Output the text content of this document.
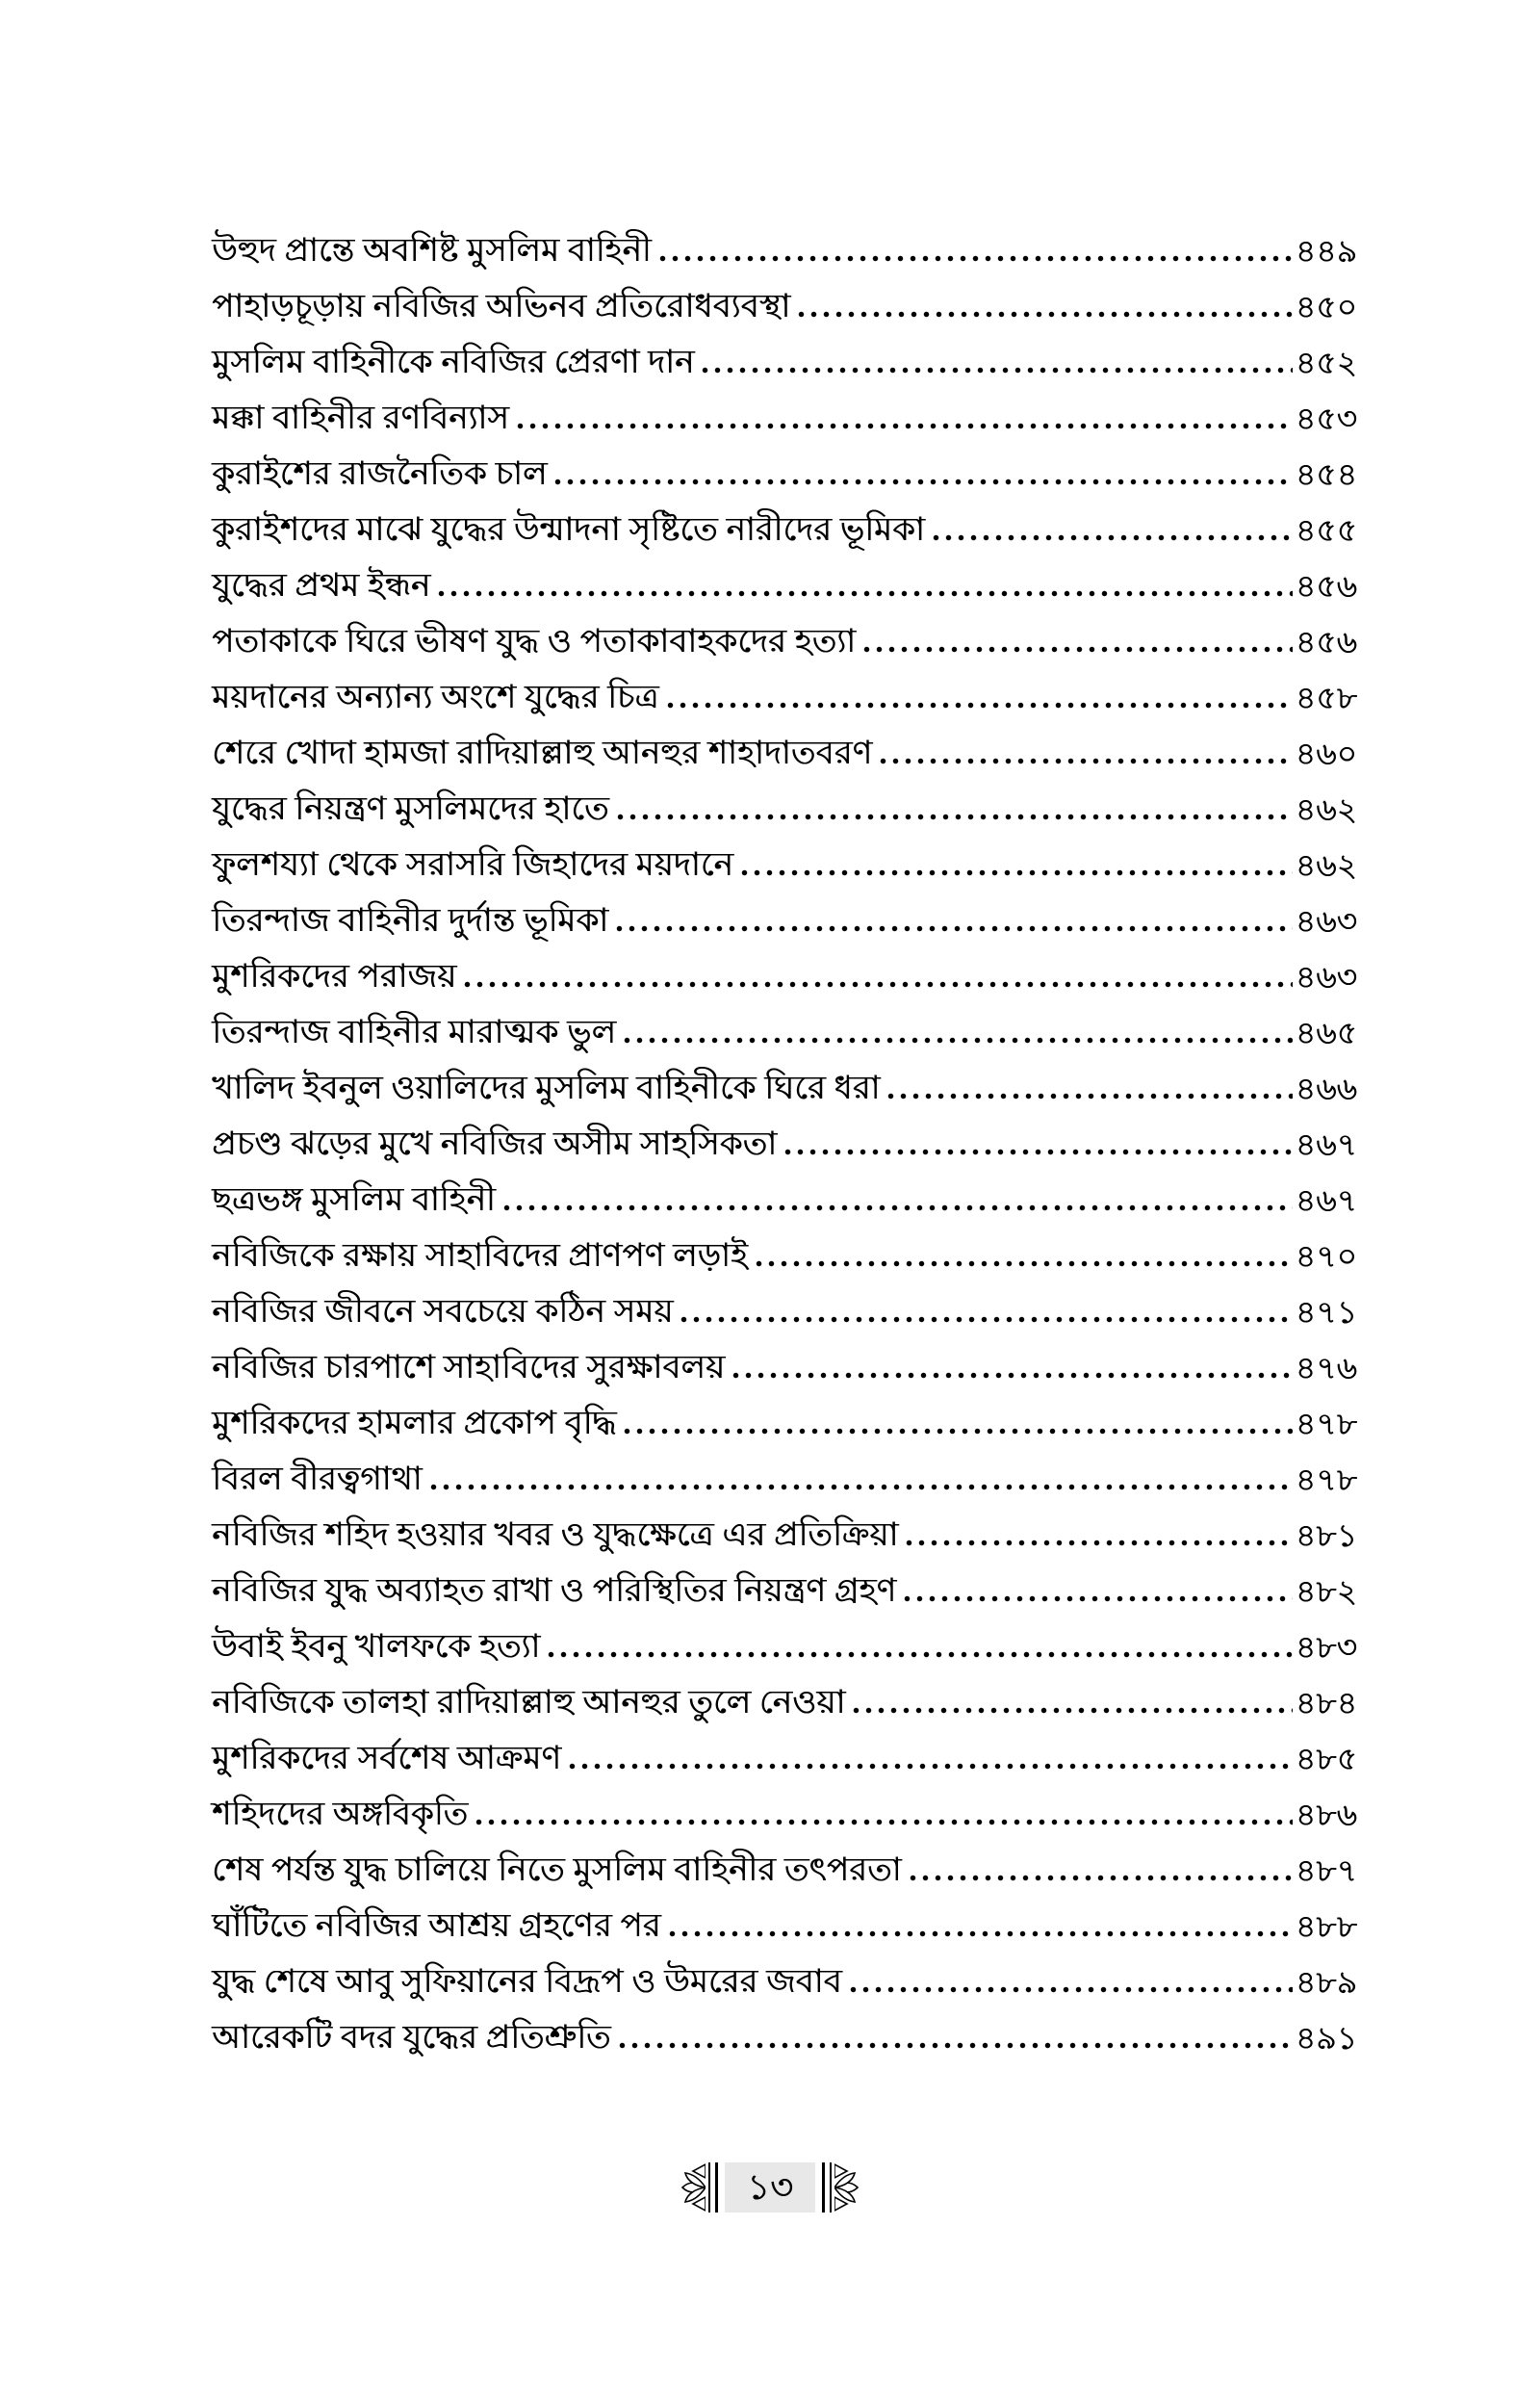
উহুদ প্রান্তে অবশিষ্ট মুসলিম বাহিনী	৪৪৯
পাহাড়চূড়ায় নবিজির অভিনব প্রতিরোধব্যবস্থা	৪৫০
মুসলিম বাহিনীকে নবিজির প্রেরণা দান	৪৫২
মক্কা বাহিনীর রণবিন্যাস	৪৫৩
কুরাইশের রাজনৈতিক চাল	৪৫৪
কুরাইশদের মাঝে যুদ্ধের উন্মাদনা সৃষ্টিতে নারীদের ভূমিকা	৪৫৫
যুদ্ধের প্রথম ইন্ধন	৪৫৬
পতাকাকে ঘিরে ভীষণ যুদ্ধ ও পতাকাবাহকদের হত্যা	৪৫৬
ময়দানের অন্যান্য অংশে যুদ্ধের চিত্র	৪৫৮
শেরে খোদা হামজা রাদিয়াল্লাহু আনহুর শাহাদাতবরণ	৪৬০
যুদ্ধের নিয়ন্ত্রণ মুসলিমদের হাতে	৪৬২
ফুলশয্যা থেকে সরাসরি জিহাদের ময়দানে	৪৬২
তিরন্দাজ বাহিনীর দুর্দান্ত ভূমিকা	৪৬৩
মুশরিকদের পরাজয়	৪৬৩
তিরন্দাজ বাহিনীর মারাত্মক ভুল	৪৬৫
খালিদ ইবনুল ওয়ালিদের মুসলিম বাহিনীকে ঘিরে ধরা	৪৬৬
প্রচণ্ড ঝড়ের মুখে নবিজির অসীম সাহসিকতা	৪৬৭
ছত্রভঙ্গ মুসলিম বাহিনী	৪৬৭
নবিজিকে রক্ষায় সাহাবিদের প্রাণপণ লড়াই	৪৭০
নবিজির জীবনে সবচেয়ে কঠিন সময়	৪৭১
নবিজির চারপাশে সাহাবিদের সুরক্ষাবলয়	৪৭৬
মুশরিকদের হামলার প্রকোপ বৃদ্ধি	৪৭৮
বিরল বীরত্বগাথা	৪৭৮
নবিজির শহিদ হওয়ার খবর ও যুদ্ধক্ষেত্রে এর প্রতিক্রিয়া	৪৮১
নবিজির যুদ্ধ অব্যাহত রাখা ও পরিস্থিতির নিয়ন্ত্রণ গ্রহণ	৪৮২
উবাই ইবনু খালফকে হত্যা	৪৮৩
নবিজিকে তালহা রাদিয়াল্লাহু আনহুর তুলে নেওয়া	৪৮৪
মুশরিকদের সর্বশেষ আক্রমণ	৪৮৫
শহিদদের অঙ্গবিকৃতি	৪৮৬
শেষ পর্যন্ত যুদ্ধ চালিয়ে নিতে মুসলিম বাহিনীর তৎপরতা	৪৮৭
ঘাঁটিতে নবিজির আশ্রয় গ্রহণের পর	৪৮৮
যুদ্ধ শেষে আবু সুফিয়ানের বিদ্রূপ ও উমরের জবাব	৪৮৯
আরেকটি বদর যুদ্ধের প্রতিশ্রুতি	৪৯১
১৩
